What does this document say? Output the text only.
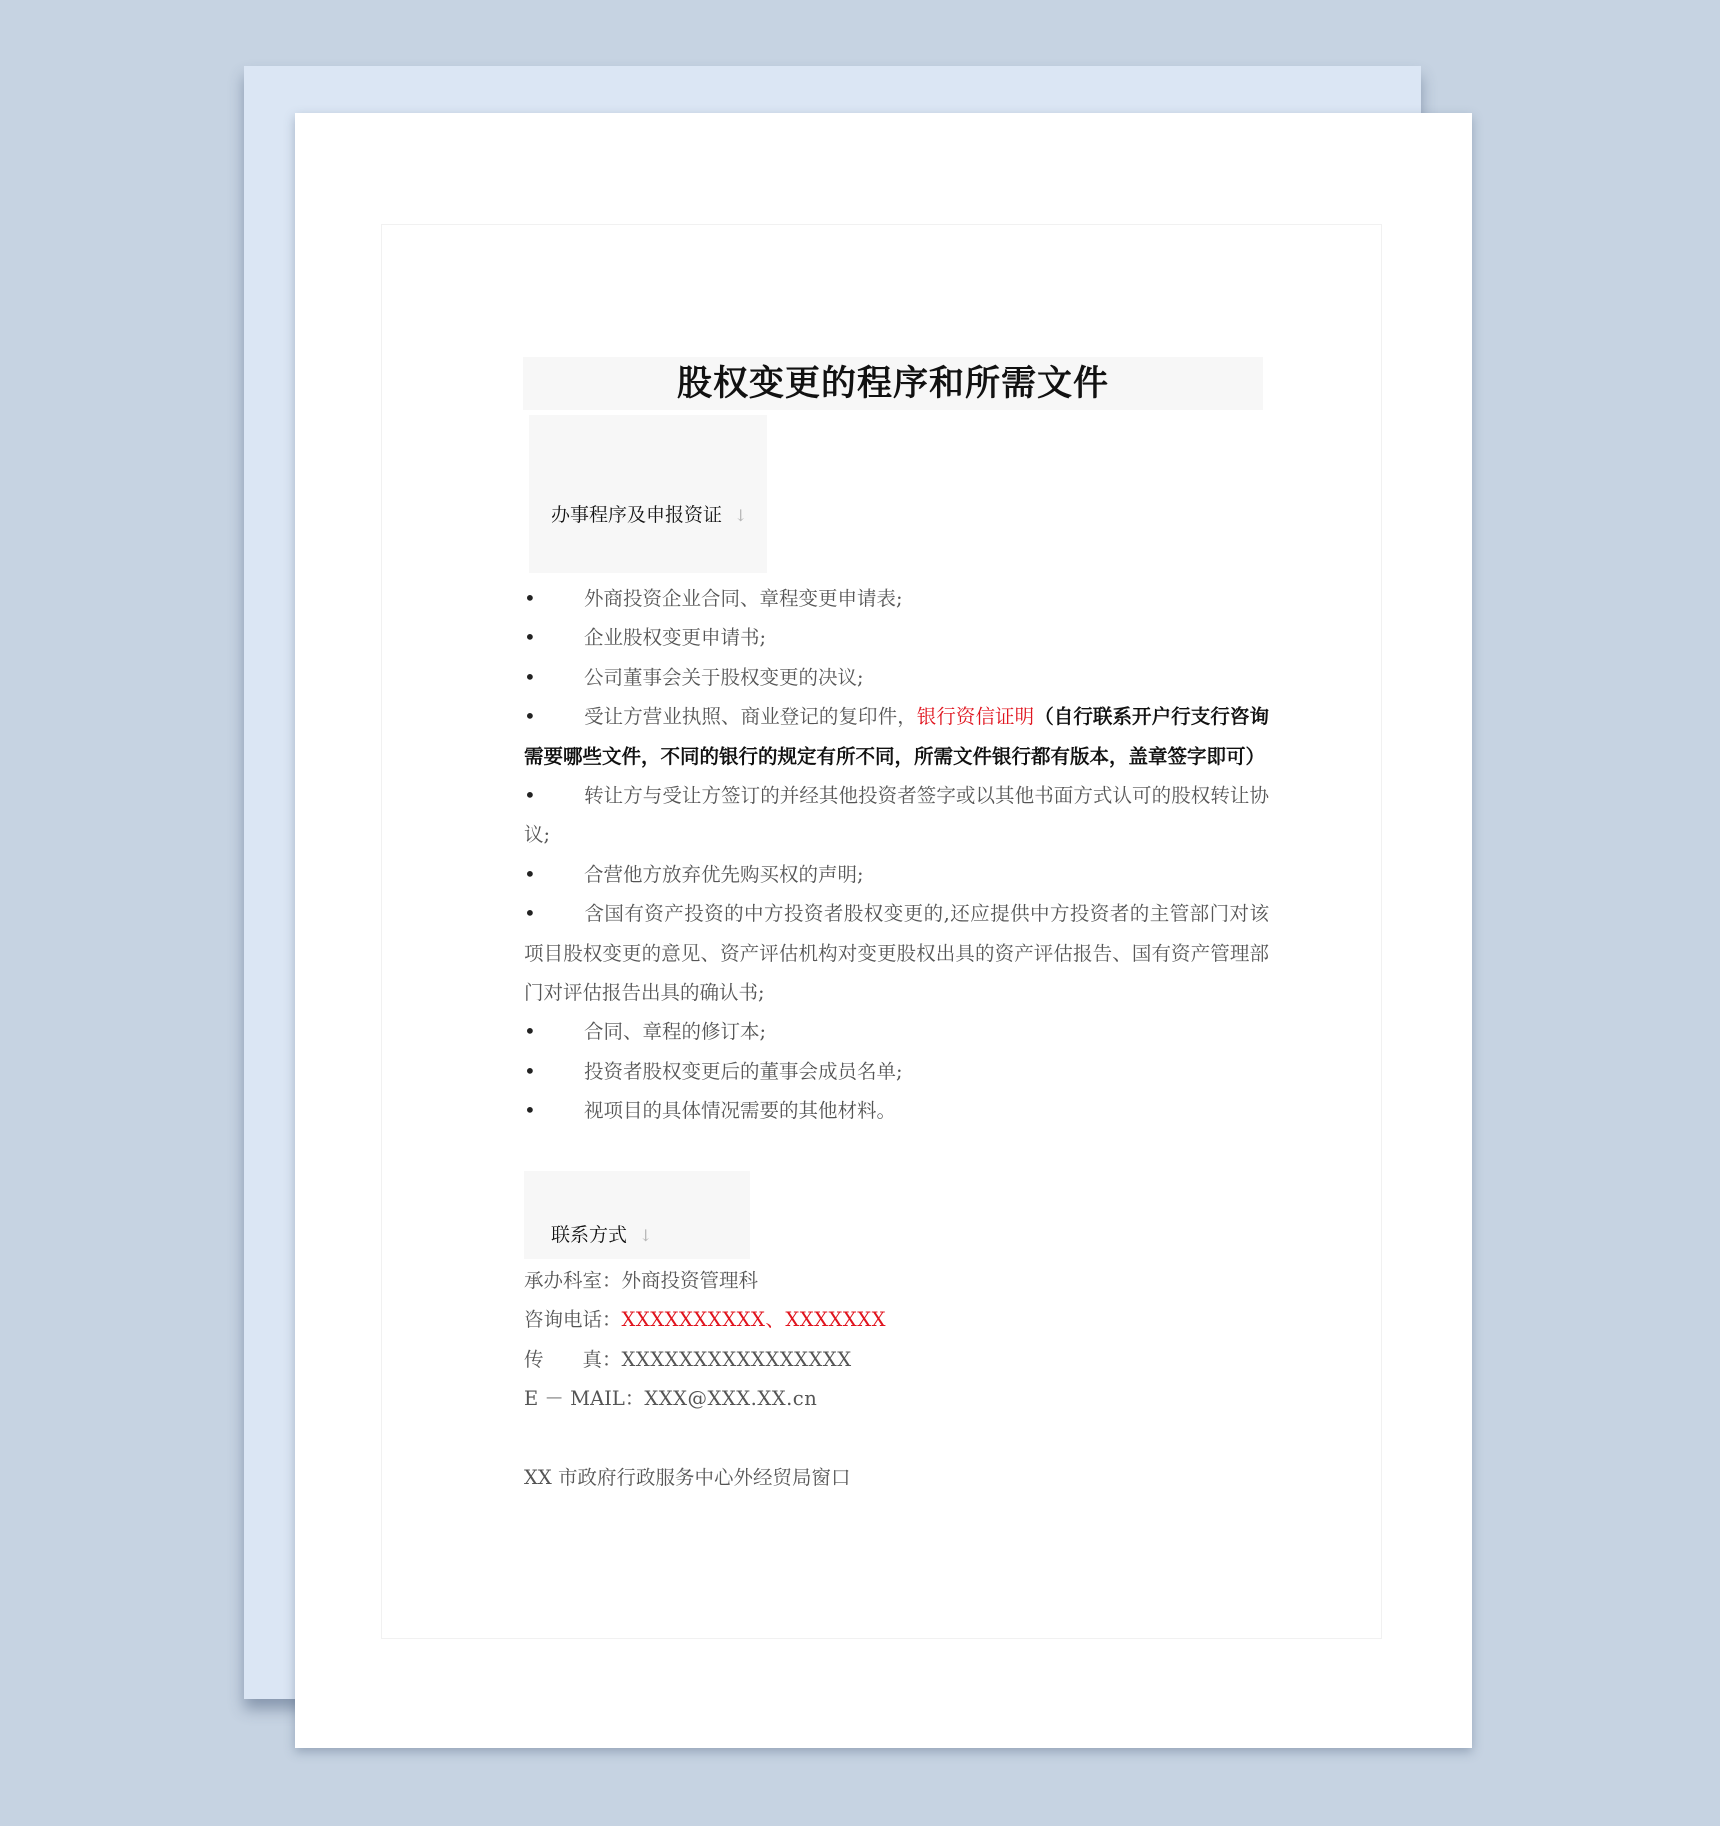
股权变更的程序和所需文件
办事程序及申报资证 ↓

• 外商投资企业合同、章程变更申请表;

• 企业股权变更申请书;

• 公司董事会关于股权变更的决议;

• 受让方营业执照、商业登记的复印件，银行资信证明（自行联系开户行支行咨询需要哪些文件，不同的银行的规定有所不同，所需文件银行都有版本，盖章签字即可）

• 转让方与受让方签订的并经其他投资者签字或以其他书面方式认可的股权转让协议;

• 合营他方放弃优先购买权的声明;

• 含国有资产投资的中方投资者股权变更的,还应提供中方投资者的主管部门对该项目股权变更的意见、资产评估机构对变更股权出具的资产评估报告、国有资产管理部门对评估报告出具的确认书;

• 合同、章程的修订本;

• 投资者股权变更后的董事会成员名单;

• 视项目的具体情况需要的其他材料。

联系方式 ↓
承办科室：外商投资管理科
咨询电话：XXXXXXXXXX、XXXXXXX
传　　真：XXXXXXXXXXXXXXXX
E － MAIL：XXX@XXX.XX.cn
XX 市政府行政服务中心外经贸局窗口
